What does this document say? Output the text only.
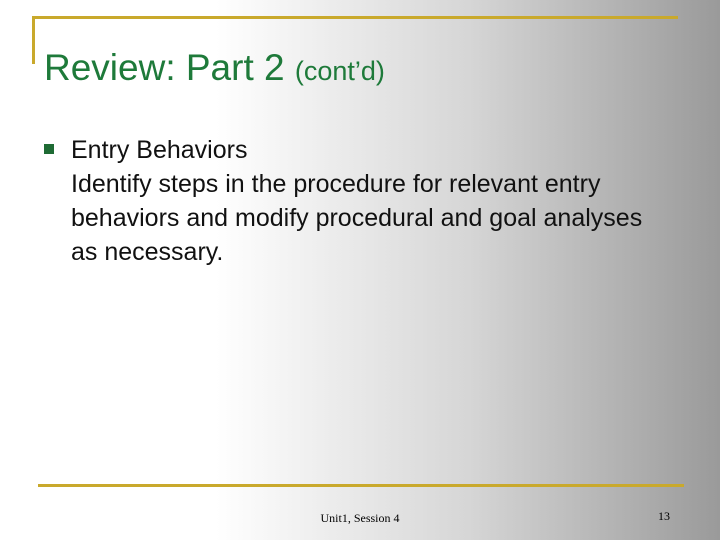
Review: Part 2 (cont’d)

Entry Behaviors

Identify steps in the procedure for relevant entry behaviors and modify procedural and goal analyses as necessary.

Unit1, Session 4	13
